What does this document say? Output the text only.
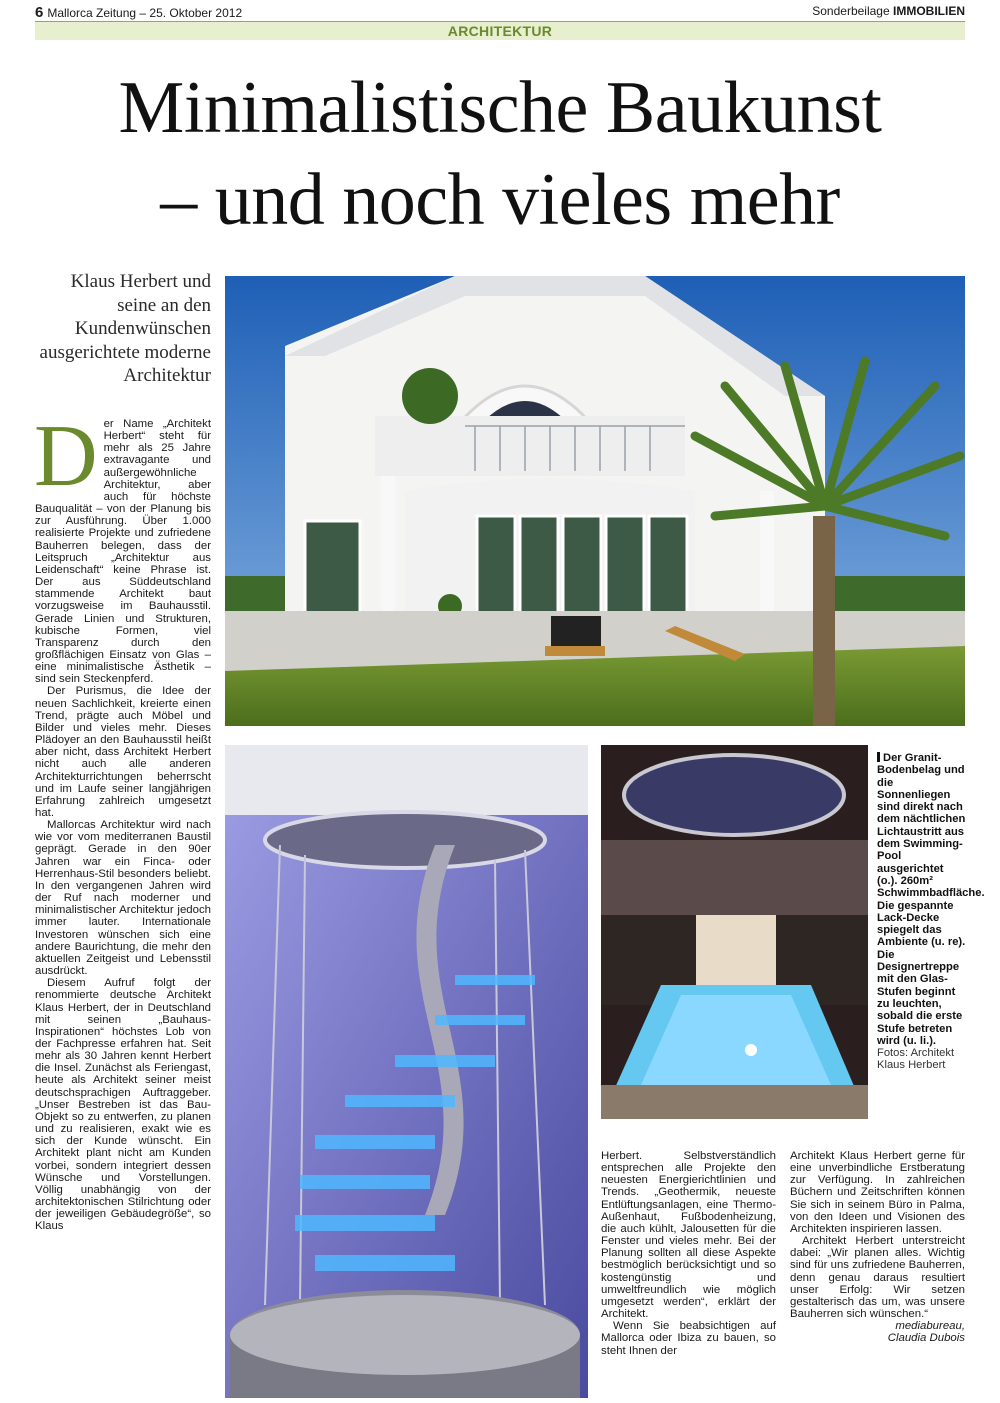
6 Mallorca Zeitung – 25. Oktober 2012	Sonderbeilage IMMOBILIEN
ARCHITEKTUR
Minimalistische Baukunst
– und noch vieles mehr
Klaus Herbert und seine an den Kundenwünschen ausgerichtete moderne Architektur
Der Granit-Bodenbelag und die Sonnenliegen sind direkt nach dem nächtlichen Lichtaustritt aus dem Swimming-Pool ausgerichtet (o.). 260m² Schwimmbadfläche. Die gespannte Lack-Decke spiegelt das Ambiente (u. re). Die Designertreppe mit den Glas-Stufen beginnt zu leuchten, sobald die erste Stufe betreten wird (u. li.).
Fotos: Architekt Klaus Herbert

Der Name „Architekt Herbert“ steht für mehr als 25 Jahre extravagante und außergewöhnliche Architektur, aber auch für höchste Bauqualität – von der Planung bis zur Ausführung. Über 1.000 realisierte Projekte und zufriedene Bauherren belegen, dass der Leitspruch „Architektur aus Leidenschaft“ keine Phrase ist. Der aus Süddeutschland stammende Architekt baut vorzugsweise im Bauhausstil. Gerade Linien und Strukturen, kubische Formen, viel Transparenz durch den großflächigen Einsatz von Glas – eine minimalistische Ästhetik – sind sein Steckenpferd.

Der Purismus, die Idee der neuen Sachlichkeit, kreierte einen Trend, prägte auch Möbel und Bilder und vieles mehr. Dieses Plädoyer an den Bauhausstil heißt aber nicht, dass Architekt Herbert nicht auch alle anderen Architekturrichtungen beherrscht und im Laufe seiner langjährigen Erfahrung zahlreich umgesetzt hat.

Mallorcas Architektur wird nach wie vor vom mediterranen Baustil geprägt. Gerade in den 90er Jahren war ein Finca- oder Herrenhaus-Stil besonders beliebt. In den vergangenen Jahren wird der Ruf nach moderner und minimalistischer Architektur jedoch immer lauter. Internationale Investoren wünschen sich eine andere Baurichtung, die mehr den aktuellen Zeitgeist und Lebensstil ausdrückt.

Diesem Aufruf folgt der renommierte deutsche Architekt Klaus Herbert, der in Deutschland mit seinen „Bauhaus-Inspirationen“ höchstes Lob von der Fachpresse erfahren hat. Seit mehr als 30 Jahren kennt Herbert die Insel. Zunächst als Feriengast, heute als Architekt seiner meist deutschsprachigen Auftraggeber. „Unser Bestreben ist das Bau-Objekt so zu entwerfen, zu planen und zu realisieren, exakt wie es sich der Kunde wünscht. Ein Architekt plant nicht am Kunden vorbei, sondern integriert dessen Wünsche und Vorstellungen. Völlig unabhängig von der architektonischen Stilrichtung oder der jeweiligen Gebäudegröße“, so Klaus

Herbert. Selbstverständlich entsprechen alle Projekte den neuesten Energierichtlinien und Trends. „Geothermik, neueste Entlüftungsanlagen, eine Thermo-Außenhaut, Fußbodenheizung, die auch kühlt, Jalousetten für die Fenster und vieles mehr. Bei der Planung sollten all diese Aspekte bestmöglich berücksichtigt und so kostengünstig und umweltfreundlich wie möglich umgesetzt werden“, erklärt der Architekt.

Wenn Sie beabsichtigen auf Mallorca oder Ibiza zu bauen, so steht Ihnen der

Architekt Klaus Herbert gerne für eine unverbindliche Erstberatung zur Verfügung. In zahlreichen Büchern und Zeitschriften können Sie sich in seinem Büro in Palma, von den Ideen und Visionen des Architekten inspirieren lassen.

Architekt Herbert unterstreicht dabei: „Wir planen alles. Wichtig sind für uns zufriedene Bauherren, denn genau daraus resultiert unser Erfolg: Wir setzen gestalterisch das um, was unsere Bauherren sich wünschen.“

mediabureau,
Claudia Dubois
